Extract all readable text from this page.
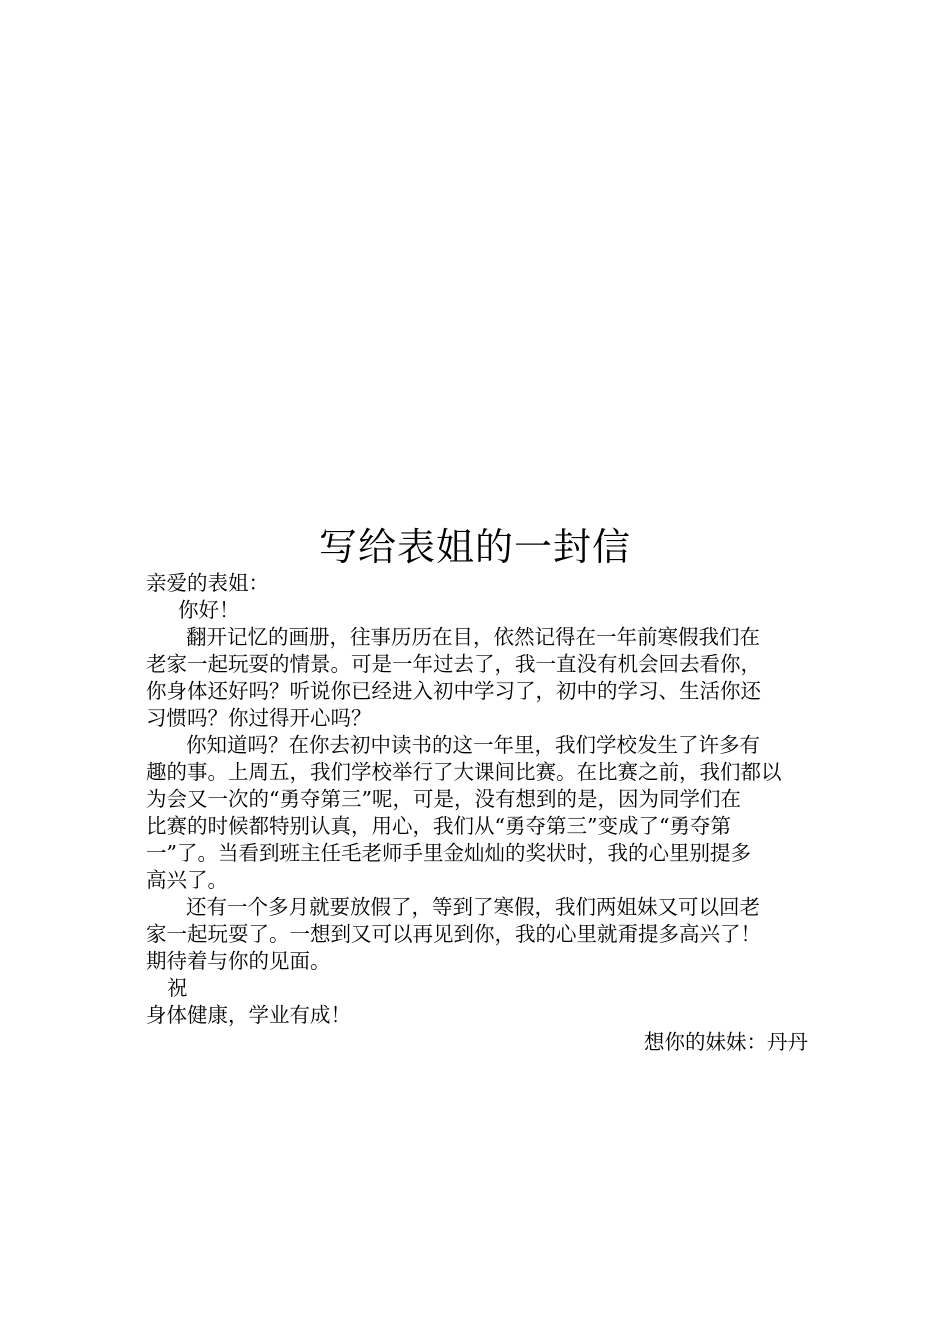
写给表姐的一封信
亲爱的表姐：
你好！
翻开记忆的画册，往事历历在目，依然记得在一年前寒假我们在
老家一起玩耍的情景。可是一年过去了，我一直没有机会回去看你，
你身体还好吗？听说你已经进入初中学习了，初中的学习、生活你还
习惯吗？你过得开心吗？
你知道吗？在你去初中读书的这一年里，我们学校发生了许多有
趣的事。上周五，我们学校举行了大课间比赛。在比赛之前，我们都以
为会又一次的“勇夺第三”呢，可是，没有想到的是，因为同学们在
比赛的时候都特别认真，用心，我们从“勇夺第三”变成了“勇夺第
一”了。当看到班主任毛老师手里金灿灿的奖状时，我的心里别提多
高兴了。
还有一个多月就要放假了，等到了寒假，我们两姐妹又可以回老
家一起玩耍了。一想到又可以再见到你，我的心里就甭提多高兴了！
期待着与你的见面。
祝
身体健康，学业有成！
想你的妹妹：丹丹
